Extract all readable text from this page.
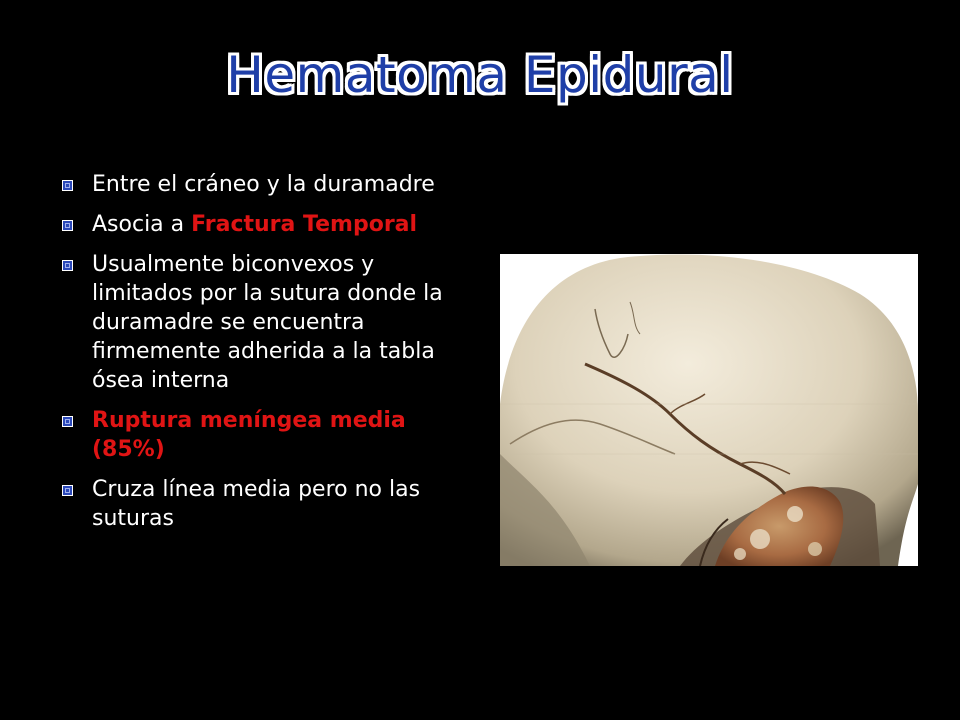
Hematoma Epidural
Entre el cráneo y la duramadre
Asocia a Fractura Temporal
Usualmente biconvexos y limitados por la sutura donde la duramadre se encuentra firmemente adherida a la tabla ósea interna
Ruptura meníngea media (85%)
Cruza línea media pero no las suturas
